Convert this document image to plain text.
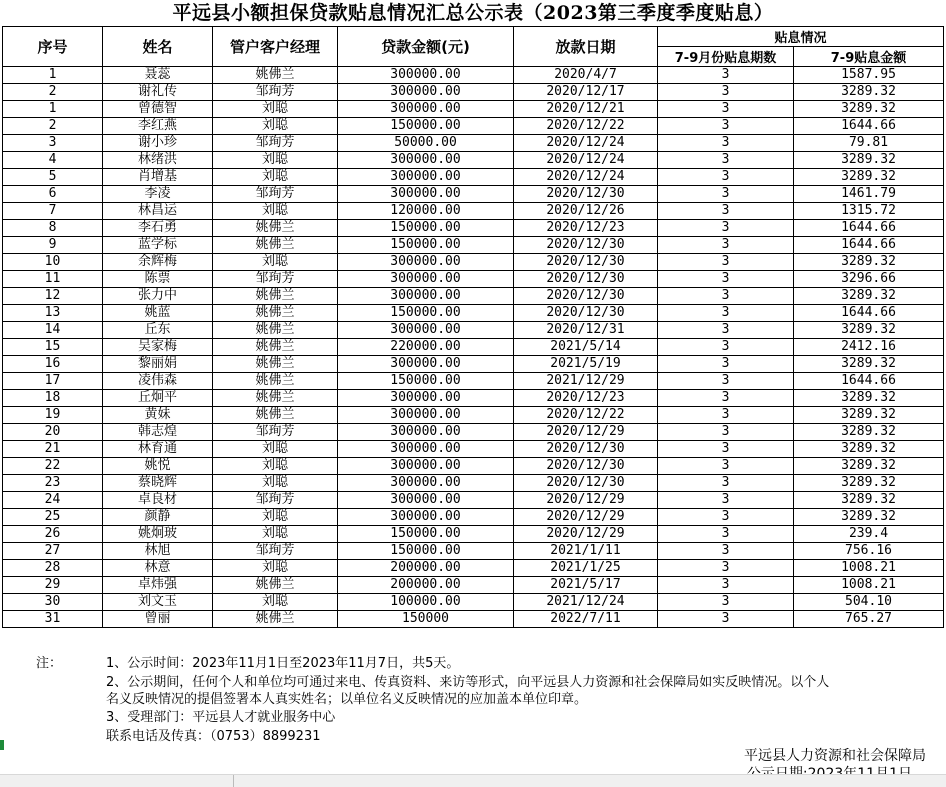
平远县小额担保贷款贴息情况汇总公示表（2023第三季度季度贴息）
序号	姓名	管户客户经理	贷款金额(元)	放款日期	贴息情况	
					7-9月份贴息期数	7-9贴息金额
1	聂蕊	姚佛兰	300000.00	2020/4/7	3	1587.95
2	谢礼传	邹珣芳	300000.00	2020/12/17	3	3289.32
1	曾德智	刘聪	300000.00	2020/12/21	3	3289.32
2	李红燕	刘聪	150000.00	2020/12/22	3	1644.66
3	谢小珍	邹珣芳	50000.00	2020/12/24	3	79.81
4	林绪洪	刘聪	300000.00	2020/12/24	3	3289.32
5	肖增基	刘聪	300000.00	2020/12/24	3	3289.32
6	李凌	邹珣芳	300000.00	2020/12/30	3	1461.79
7	林昌运	刘聪	120000.00	2020/12/26	3	1315.72
8	李石勇	姚佛兰	150000.00	2020/12/23	3	1644.66
9	蓝学标	姚佛兰	150000.00	2020/12/30	3	1644.66
10	余辉梅	刘聪	300000.00	2020/12/30	3	3289.32
11	陈票	邹珣芳	300000.00	2020/12/30	3	3296.66
12	张力中	姚佛兰	300000.00	2020/12/30	3	3289.32
13	姚蓝	姚佛兰	150000.00	2020/12/30	3	1644.66
14	丘东	姚佛兰	300000.00	2020/12/31	3	3289.32
15	吴家梅	姚佛兰	220000.00	2021/5/14	3	2412.16
16	黎丽娟	姚佛兰	300000.00	2021/5/19	3	3289.32
17	凌伟森	姚佛兰	150000.00	2021/12/29	3	1644.66
18	丘炯平	姚佛兰	300000.00	2020/12/23	3	3289.32
19	黄妹	姚佛兰	300000.00	2020/12/22	3	3289.32
20	韩志煌	邹珣芳	300000.00	2020/12/29	3	3289.32
21	林育通	刘聪	300000.00	2020/12/30	3	3289.32
22	姚悦	刘聪	300000.00	2020/12/30	3	3289.32
23	蔡晓辉	刘聪	300000.00	2020/12/30	3	3289.32
24	卓良材	邹珣芳	300000.00	2020/12/29	3	3289.32
25	颜静	刘聪	300000.00	2020/12/29	3	3289.32
26	姚炯玻	刘聪	150000.00	2020/12/29	3	239.4
27	林旭	邹珣芳	150000.00	2021/1/11	3	756.16
28	林意	刘聪	200000.00	2021/1/25	3	1008.21
29	卓炜强	姚佛兰	200000.00	2021/5/17	3	1008.21
30	刘文玉	刘聪	100000.00	2021/12/24	3	504.10
31	曾丽	姚佛兰	150000	2022/7/11	3	765.27
注：	1、公示时间：2023年11月1日至2023年11月7日，共5天。
2、公示期间，任何个人和单位均可通过来电、传真资料、来访等形式，向平远县人力资源和社会保障局如实反映情况。以个人
名义反映情况的提倡签署本人真实姓名；以单位名义反映情况的应加盖本单位印章。
3、受理部门：平远县人才就业服务中心
联系电话及传真：（0753）8899231
平远县人力资源和社会保障局
